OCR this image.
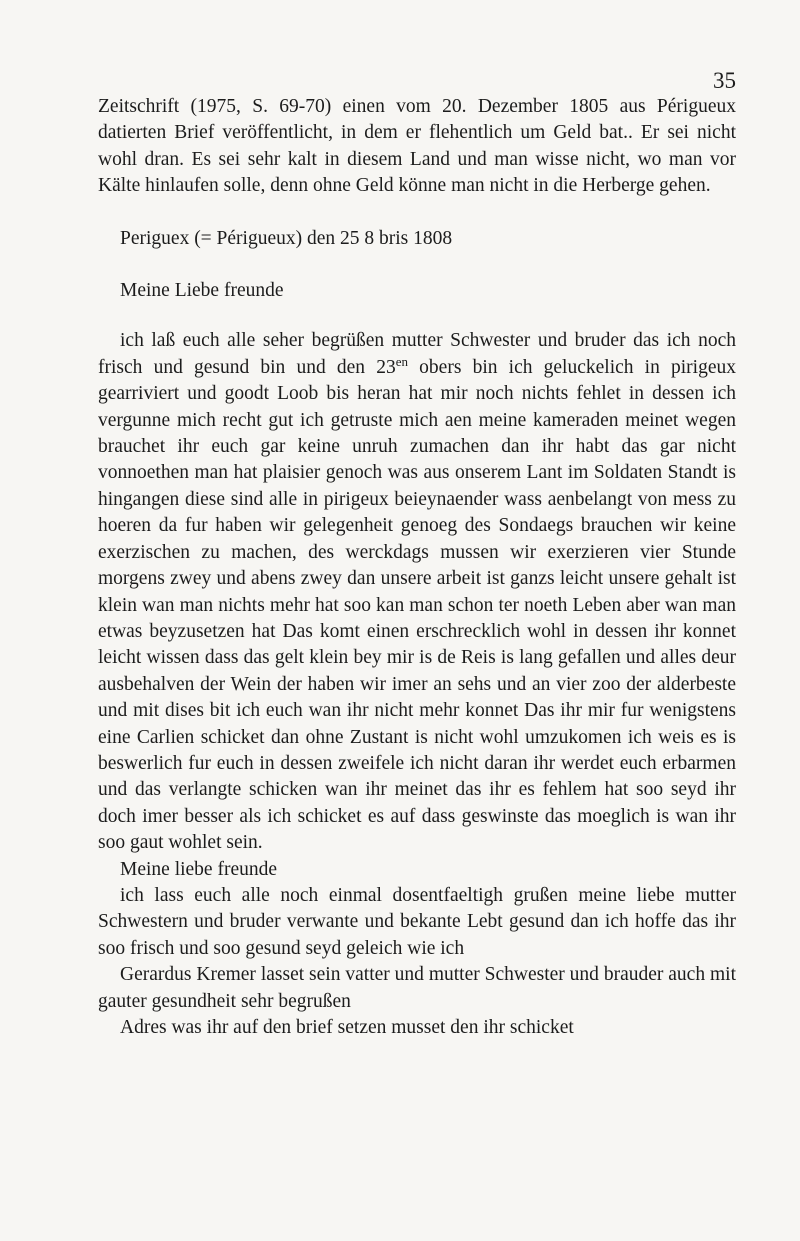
35

Zeitschrift (1975, S. 69-70) einen vom 20. Dezember 1805 aus Périgueux datierten Brief veröffentlicht, in dem er flehentlich um Geld bat.. Er sei nicht wohl dran. Es sei sehr kalt in diesem Land und man wisse nicht, wo man vor Kälte hinlaufen solle, denn ohne Geld könne man nicht in die Herberge gehen.

Periguex (= Périgueux) den 25 8 bris 1808

Meine Liebe freunde

ich laß euch alle seher begrüßen mutter Schwester und bruder das ich noch frisch und gesund bin und den $23^{en}$ obers bin ich geluckelich in pirigeux gearriviert und goodt Loob bis heran hat mir noch nichts fehlet in dessen ich vergunne mich recht gut ich getruste mich aen meine kameraden meinet wegen brauchet ihr euch gar keine unruh zumachen dan ihr habt das gar nicht vonnoethen man hat plaisier genoch was aus onserem Lant im Soldaten Standt is hingangen diese sind alle in pirigeux beieynaender wass aenbelangt von mess zu hoeren da fur haben wir gelegenheit genoeg des Sondaegs brauchen wir keine exerzischen zu machen, des werckdags mussen wir exerzieren vier Stunde morgens zwey und abens zwey dan unsere arbeit ist ganzs leicht unsere gehalt ist klein wan man nichts mehr hat soo kan man schon ter noeth Leben aber wan man etwas beyzusetzen hat Das komt einen erschrecklich wohl in dessen ihr konnet leicht wissen dass das gelt klein bey mir is de Reis is lang gefallen und alles deur ausbehalven der Wein der haben wir imer an sehs und an vier zoo der alderbeste und mit dises bit ich euch wan ihr nicht mehr konnet Das ihr mir fur wenigstens eine Carlien schicket dan ohne Zustant is nicht wohl umzukomen ich weis es is beswerlich fur euch in dessen zweifele ich nicht daran ihr werdet euch erbarmen und das verlangte schicken wan ihr meinet das ihr es fehlem hat soo seyd ihr doch imer besser als ich schicket es auf dass geswinste das moeglich is wan ihr soo gaut wohlet sein.

Meine liebe freunde

ich lass euch alle noch einmal dosentfaeltigh grußen meine liebe mutter Schwestern und bruder verwante und bekante Lebt gesund dan ich hoffe das ihr soo frisch und soo gesund seyd geleich wie ich

Gerardus Kremer lasset sein vatter und mutter Schwester und brauder auch mit gauter gesundheit sehr begrußen

Adres was ihr auf den brief setzen musset den ihr schicket
